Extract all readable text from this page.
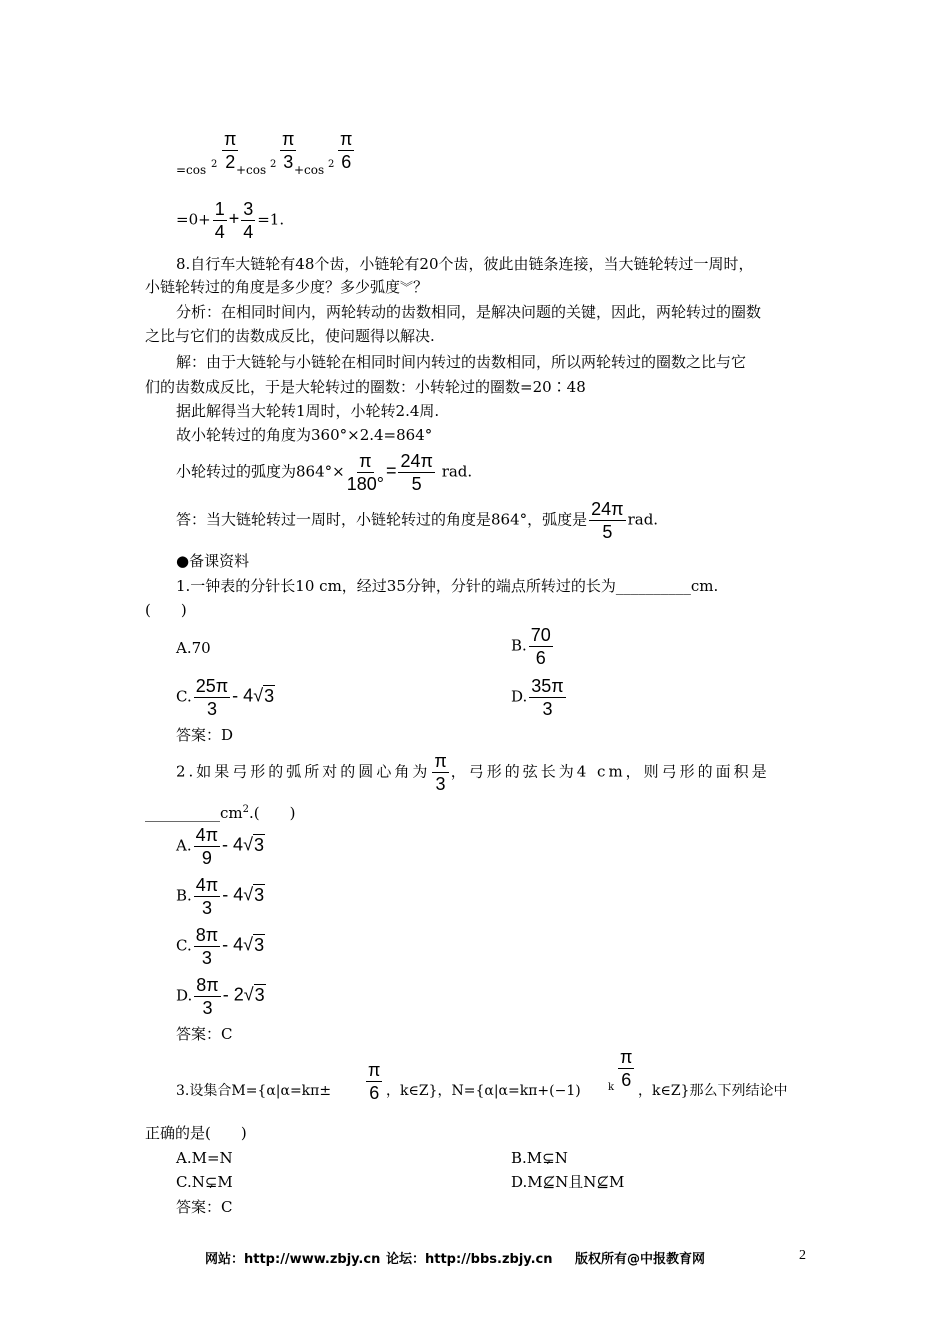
=cos $2 \frac{\pi}{2}$
+cos $2 \frac{\pi}{3}$
+cos $2 \frac{\pi}{6}$
$=0+ \frac{1}{4} + \frac{3}{4} =1$.
8.自行车大链轮有48个齿，小链轮有20个齿，彼此由链条连接，当大链轮转过一周时，
小链轮转过的角度是多少度？多少弧度︾？
分析：在相同时间内，两轮转动的齿数相同，是解决问题的关键，因此，两轮转过的圈数
之比与它们的齿数成反比，使问题得以解决.
解：由于大链轮与小链轮在相同时间内转过的齿数相同，所以两轮转过的圈数之比与它
们的齿数成反比，于是大轮转过的圈数：小转轮过的圈数=20∶48
据此解得当大轮转1周时，小轮转2.4周.
故小轮转过的角度为360°×2.4=864°
小轮转过的弧度为$864^\circ\times \frac{\pi}{180^\circ} = \frac{24\pi}{5}$ rad.
答：当大链轮转过一周时，小链轮转过的角度是864°，弧度是 $\frac{24\pi}{5}$ rad.
●备课资料
1.一钟表的分针长10 cm，经过35分钟，分针的端点所转过的长为__________cm.
(　　)
A.70	B. $\frac{70}{6}$
C. $\frac{25\pi}{3} - 4√3$	D. $\frac{35\pi}{3}$
答案：D
2.如果弓形的弧所对的圆心角为 $\frac{\pi}{3}$ ，弓形的弦长为4 cm，则弓形的面积是
$\_\_\_\_\_\_\_\_\_\_cm^2$.(　　)
A. $\frac{4\pi}{9} - 4√3$
B. $\frac{4\pi}{3} - 4√3$
C. $\frac{8\pi}{3} - 4√3$
D. $\frac{8\pi}{3} - 2√3$
答案：C
3.设集合$M=\{\alpha|\alpha=k\pi\pm \frac{\pi}{6}$ ，k∈Z}，N={α|α=kπ+(−1)	k $\frac{\pi}{6}$ ，k∈Z}那么下列结论中
正确的是(　　)
A.M=N	B.M⊊N
C.N⊊M	D.M⊈N且N⊈M
答案：C
网站：http://www.zbjy.cn 论坛：http://bbs.zbjy.cn 版权所有@中报教育网	2
